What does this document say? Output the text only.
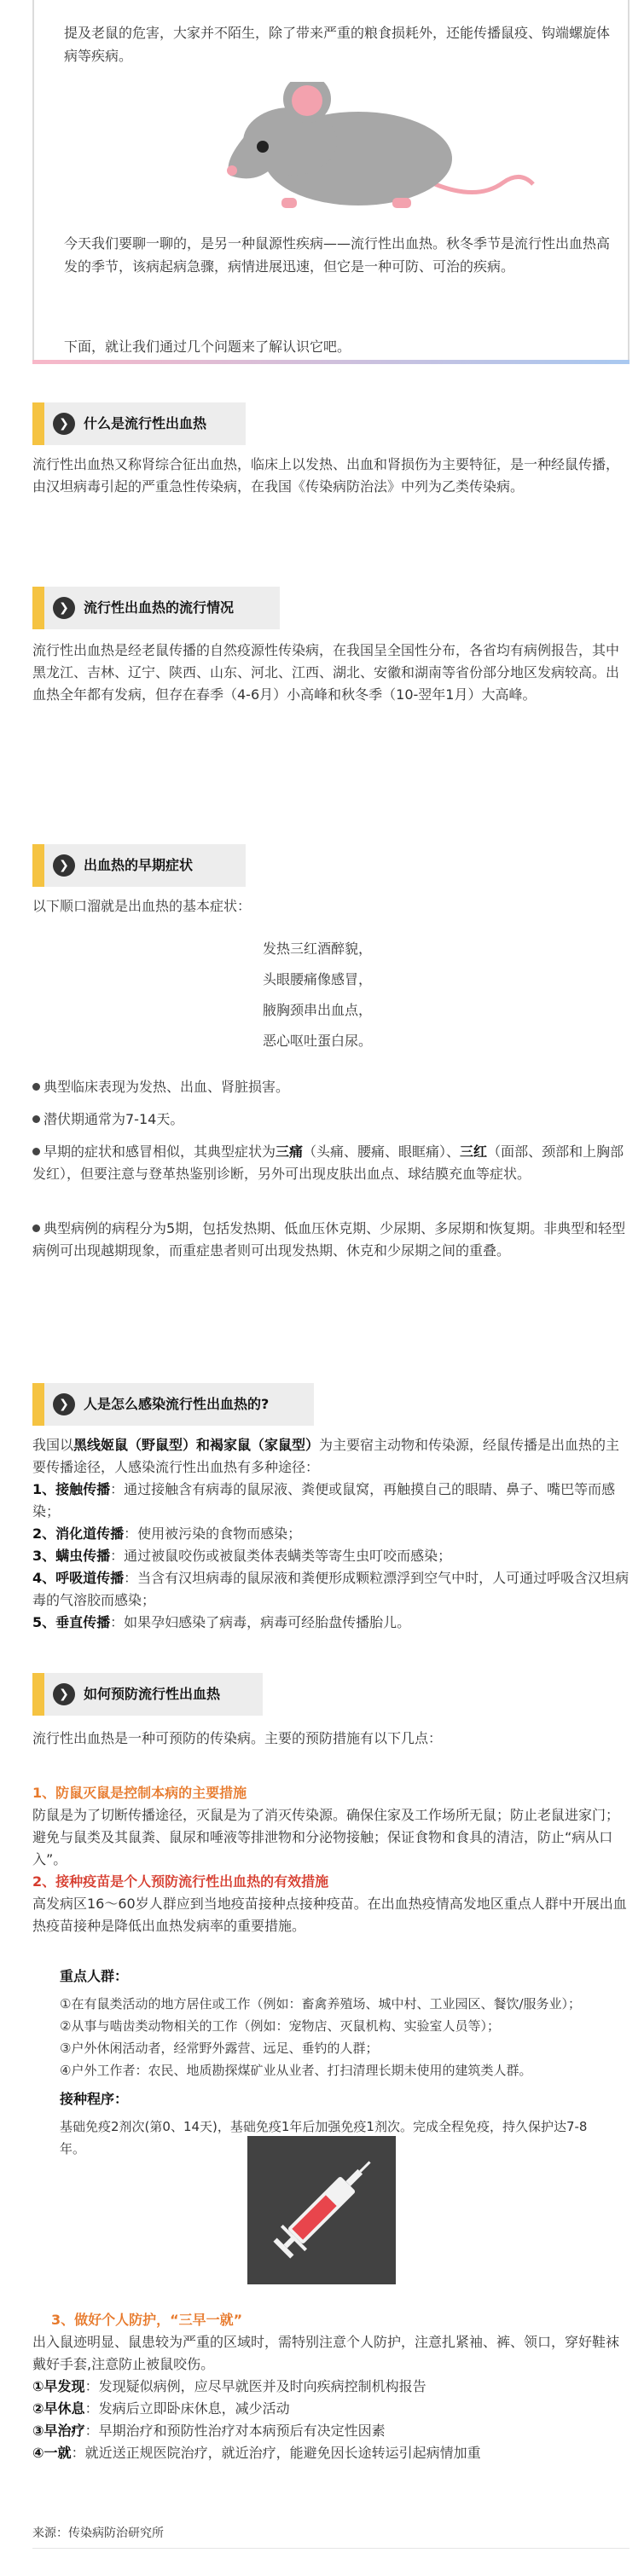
提及老鼠的危害，大家并不陌生，除了带来严重的粮食损耗外，还能传播鼠疫、钩端螺旋体病等疾病。

今天我们要聊一聊的，是另一种鼠源性疾病——流行性出血热。秋冬季节是流行性出血热高发的季节，该病起病急骤，病情进展迅速，但它是一种可防、可治的疾病。

下面，就让我们通过几个问题来了解认识它吧。

❯	什么是流行性出血热
流行性出血热又称肾综合征出血热，临床上以发热、出血和肾损伤为主要特征，是一种经鼠传播，由汉坦病毒引起的严重急性传染病，在我国《传染病防治法》中列为乙类传染病。
❯	流行性出血热的流行情况
流行性出血热是经老鼠传播的自然疫源性传染病，在我国呈全国性分布，各省均有病例报告，其中黑龙江、吉林、辽宁、陕西、山东、河北、江西、湖北、安徽和湖南等省份部分地区发病较高。出血热全年都有发病，但存在春季（4-6月）小高峰和秋冬季（10-翌年1月）大高峰。
❯	出血热的早期症状
以下顺口溜就是出血热的基本症状：
发热三红酒醉貌，
头眼腰痛像感冒，
腋胸颈串出血点，
恶心呕吐蛋白尿。
典型临床表现为发热、出血、肾脏损害。
潜伏期通常为7-14天。
早期的症状和感冒相似，其典型症状为三痛（头痛、腰痛、眼眶痛）、三红（面部、颈部和上胸部发红），但要注意与登革热鉴别诊断，另外可出现皮肤出血点、球结膜充血等症状。
典型病例的病程分为5期，包括发热期、低血压休克期、少尿期、多尿期和恢复期。非典型和轻型病例可出现越期现象，而重症患者则可出现发热期、休克和少尿期之间的重叠。
❯	人是怎么感染流行性出血热的?
我国以黑线姬鼠（野鼠型）和褐家鼠（家鼠型）为主要宿主动物和传染源，经鼠传播是出血热的主要传播途径，人感染流行性出血热有多种途径：
1、接触传播：通过接触含有病毒的鼠尿液、粪便或鼠窝，再触摸自己的眼睛、鼻子、嘴巴等而感染；
2、消化道传播：使用被污染的食物而感染；
3、螨虫传播：通过被鼠咬伤或被鼠类体表螨类等寄生虫叮咬而感染；
4、呼吸道传播：当含有汉坦病毒的鼠尿液和粪便形成颗粒漂浮到空气中时，人可通过呼吸含汉坦病毒的气溶胶而感染；
5、垂直传播：如果孕妇感染了病毒，病毒可经胎盘传播胎儿。
❯	如何预防流行性出血热
流行性出血热是一种可预防的传染病。主要的预防措施有以下几点：
1、防鼠灭鼠是控制本病的主要措施
防鼠是为了切断传播途径，灭鼠是为了消灭传染源。确保住家及工作场所无鼠；防止老鼠进家门；避免与鼠类及其鼠粪、鼠尿和唾液等排泄物和分泌物接触；保证食物和食具的清洁，防止“病从口入”。
2、接种疫苗是个人预防流行性出血热的有效措施
高发病区16～60岁人群应到当地疫苗接种点接种疫苗。在出血热疫情高发地区重点人群中开展出血热疫苗接种是降低出血热发病率的重要措施。
重点人群：
①在有鼠类活动的地方居住或工作（例如：畜禽养殖场、城中村、工业园区、餐饮/服务业）；
②从事与啮齿类动物相关的工作（例如：宠物店、灭鼠机构、实验室人员等）；
③户外休闲活动者，经常野外露营、远足、垂钓的人群；
④户外工作者：农民、地质勘探煤矿业从业者、打扫清理长期未使用的建筑类人群。
接种程序：
基础免疫2剂次(第0、14天)，基础免疫1年后加强免疫1剂次。完成全程免疫，持久保护达7-8年。
3、做好个人防护，“三早一就”
出入鼠迹明显、鼠患较为严重的区域时，需特别注意个人防护，注意扎紧袖、裤、领口，穿好鞋袜戴好手套,注意防止被鼠咬伤。
①早发现：发现疑似病例，应尽早就医并及时向疾病控制机构报告
②早休息：发病后立即卧床休息，减少活动
③早治疗：早期治疗和预防性治疗对本病预后有决定性因素
④一就：就近送正规医院治疗，就近治疗，能避免因长途转运引起病情加重
来源：传染病防治研究所
